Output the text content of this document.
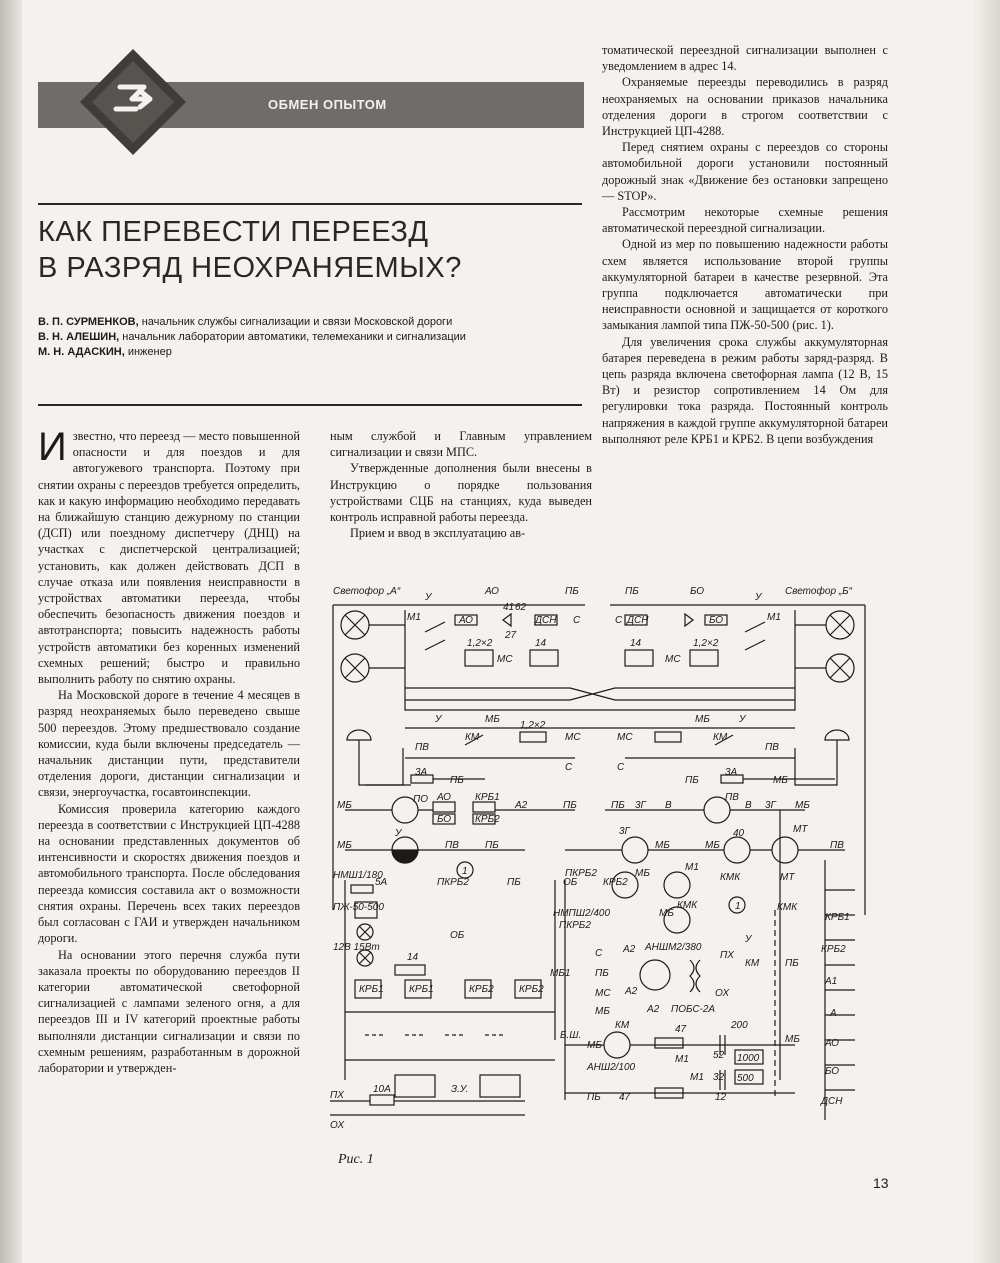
ОБМЕН ОПЫТОМ
КАК ПЕРЕВЕСТИ ПЕРЕЕЗД
В РАЗРЯД НЕОХРАНЯЕМЫХ?
В. П. СУРМЕНКОВ, начальник службы сигнализации и связи Московской дороги
В. Н. АЛЕШИН, начальник лаборатории автоматики, телемеханики и сигнализации
М. Н. АДАСКИН, инженер

Известно, что переезд — место повышенной опасности и для поездов и для автогужевого транспорта. Поэтому при снятии охраны с переездов требуется определить, как и какую информацию необходимо передавать на ближайшую станцию дежурному по станции (ДСП) или поездному диспетчеру (ДНЦ) на участках с диспетчерской централизацией; установить, как должен действовать ДСП в случае отказа или появления неисправности в устройствах автоматики переезда, чтобы обеспечить безопасность движения поездов и автотранспорта; повысить надежность работы устройств автоматики без коренных изменений схемных решений; быстро и правильно выполнить работу по снятию охраны.

На Московской дороге в течение 4 месяцев в разряд неохраняемых было переведено свыше 500 переездов. Этому предшествовало создание комиссии, куда были включены председатель — начальник дистанции пути, представители отделения дороги, дистанции сигнализации и связи, энергоучастка, госавтоинспекции.

Комиссия проверила категорию каждого переезда в соответствии с Инструкцией ЦП-4288 на основании представленных документов об интенсивности и скоростях движения поездов и автомобильного транспорта. После обследования переезда комиссия составила акт о возможности снятия охраны. Перечень всех таких переездов был согласован с ГАИ и утвержден начальником дороги.

На основании этого перечня служба пути заказала проекты по оборудованию переездов II категории автоматической светофорной сигнализацией с лампами зеленого огня, а для переездов III и IV категорий проектные работы выполняли дистанции сигнализации и связи по схемным решениям, разработанным в дорожной лаборатории и утвержден-

ным службой и Главным управлением сигнализации и связи МПС.

Утвержденные дополнения были внесены в Инструкцию о порядке пользования устройствами СЦБ на станциях, куда выведен контроль исправной работы переезда.

Прием и ввод в эксплуатацию ав-

томатической переездной сигнализации выполнен с уведомлением в адрес 14.

Охраняемые переезды переводились в разряд неохраняемых на основании приказов начальника отделения дороги в строгом соответствии с Инструкцией ЦП-4288.

Перед снятием охраны с переездов со стороны автомобильной дороги установили постоянный дорожный знак «Движение без остановки запрещено — STOP».

Рассмотрим некоторые схемные решения автоматической переездной сигнализации.

Одной из мер по повышению надежности работы схем является использование второй группы аккумуляторной батареи в качестве резервной. Эта группа подключается автоматически при неисправности основной и защищается от короткого замыкания лампой типа ПЖ-50-500 (рис. 1).

Для увеличения срока службы аккумуляторная батарея переведена в режим работы заряд-разряд. В цепь разряда включена светофорная лампа (12 В, 15 Вт) и резистор сопротивлением 14 Ом для регулировки тока разряда. Постоянный контроль напряжения в каждой группе аккумуляторной батареи выполняют реле КРБ1 и КРБ2. В цепи возбуждения

Светофор „А“	Светофор „Б“
У
АО	ПБ	ПБ	БО
У
М1	АО
41 62
27
ДСН С	С ДСН	БО	М1
1,2×2
МС
14	14
МС
1,2×2
У	МБ
1,2×2
КМ	МС
С
ПВ
МБ	У
КМ
МС
С
ПВ
3А
ПБ	ПБ
3А
МБ
МБ
ПО АО
БО
КРБ1
КРБ2
А2	ПБ	ПБ 3Г В
ПВ
В 3Г МБ
У
МБ	ПВ	ПБ
3Г
МБ	МБ
40	МТ
ПВ
1
НМШ1/180
5А
ПЖ-50-500
ПКРБ2	ПБ
ОБ
12В 15Вт
14
МБ1
КРБ1	КРБ1	КРБ2	КРБ2
ОБ
ПКРБ2
КРБ2
МБ
М1
КМК	МТ
НМПШ2/400
ПКРБ2
МБ
КМК	КМК
1
С А2 АНШМ2/380
У
ПБ
ПХ
КМ	ПБ
МС А2	ОХ
МБ	А2 ПОБС-2А
Б.Ш.
КМ
МБ
47	200
МБ
М1 52 1000
АНШ2/100
М1 32 500
ПБ 47	12
КРБ1
КРБ2
А1
А
АО
БО
ДСН
10А
ПХ
ОХ
З.У.
Рис. 1
13
